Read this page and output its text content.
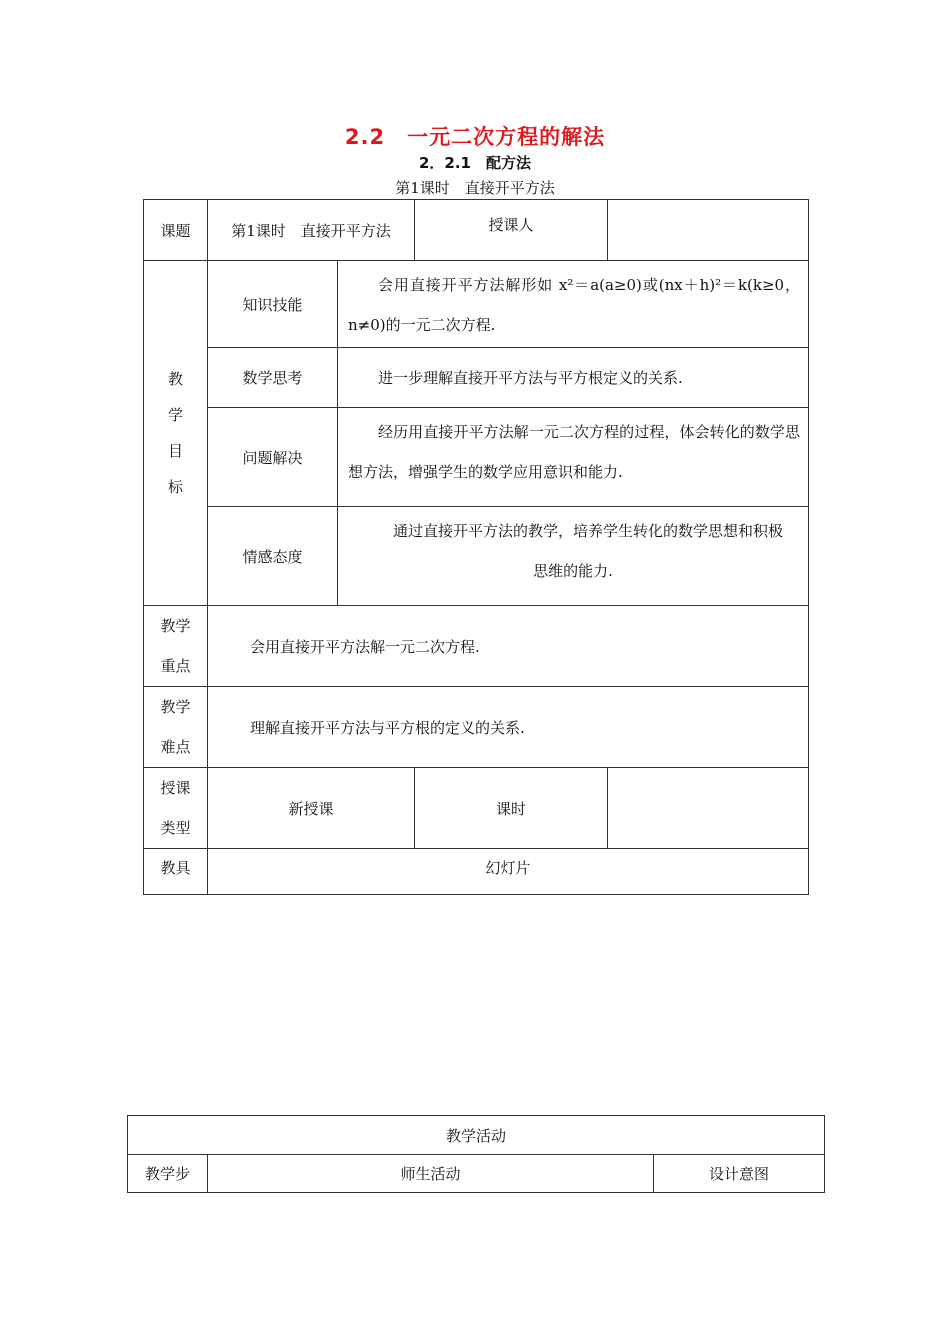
2.2　一元二次方程的解法
2．2.1　配方法
第1课时　直接开平方法
课题	第1课时　直接开平方法		授课人	

教
学
目
标	知识技能	会用直接开平方法解形如 x²＝a(a≥0)或(nx＋h)²＝k(k≥0，n≠0)的一元二次方程.		

	数学思考	进一步理解直接开平方法与平方根定义的关系.		

	问题解决	经历用直接开平方法解一元二次方程的过程，体会转化的数学思想方法，增强学生的数学应用意识和能力.		

	情感态度	通过直接开平方法的教学，培养学生转化的数学思想和积极思维的能力.		

教学
重点	会用直接开平方法解一元二次方程.			

教学
难点	理解直接开平方法与平方根的定义的关系.			

授课
类型	新授课		课时	
教具	幻灯片			
教学活动
教学步	师生活动	设计意图
